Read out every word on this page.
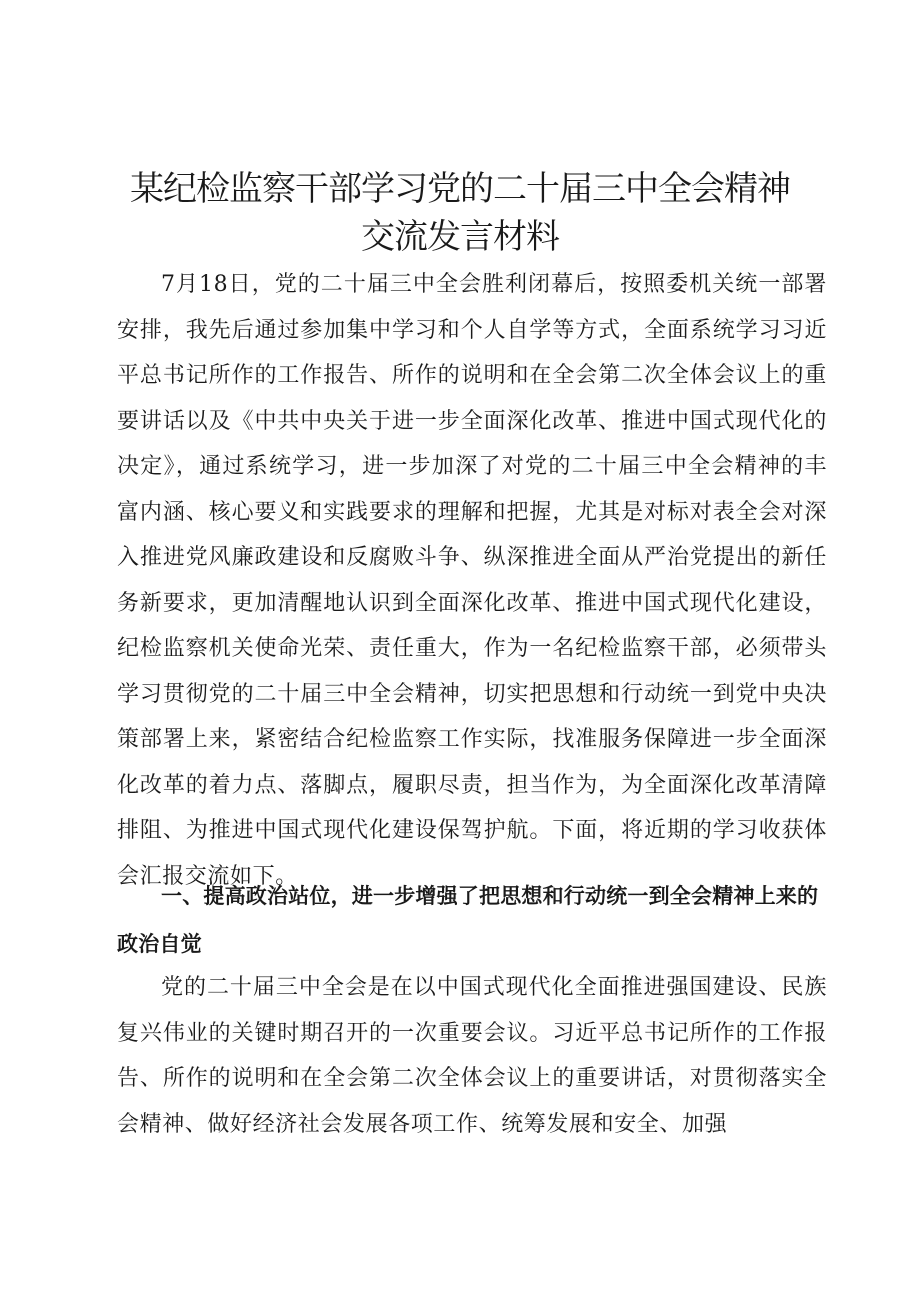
某纪检监察干部学习党的二十届三中全会精神
交流发言材料

7月18日，党的二十届三中全会胜利闭幕后，按照委机关统一部署安排，我先后通过参加集中学习和个人自学等方式，全面系统学习习近平总书记所作的工作报告、所作的说明和在全会第二次全体会议上的重要讲话以及《中共中央关于进一步全面深化改革、推进中国式现代化的决定》，通过系统学习，进一步加深了对党的二十届三中全会精神的丰富内涵、核心要义和实践要求的理解和把握，尤其是对标对表全会对深入推进党风廉政建设和反腐败斗争、纵深推进全面从严治党提出的新任务新要求，更加清醒地认识到全面深化改革、推进中国式现代化建设，纪检监察机关使命光荣、责任重大，作为一名纪检监察干部，必须带头学习贯彻党的二十届三中全会精神，切实把思想和行动统一到党中央决策部署上来，紧密结合纪检监察工作实际，找准服务保障进一步全面深化改革的着力点、落脚点，履职尽责，担当作为，为全面深化改革清障排阻、为推进中国式现代化建设保驾护航。下面，将近期的学习收获体会汇报交流如下。

一、提高政治站位，进一步增强了把思想和行动统一到全会精神上来的政治自觉

党的二十届三中全会是在以中国式现代化全面推进强国建设、民族复兴伟业的关键时期召开的一次重要会议。习近平总书记所作的工作报告、所作的说明和在全会第二次全体会议上的重要讲话，对贯彻落实全会精神、做好经济社会发展各项工作、统筹发展和安全、加强
